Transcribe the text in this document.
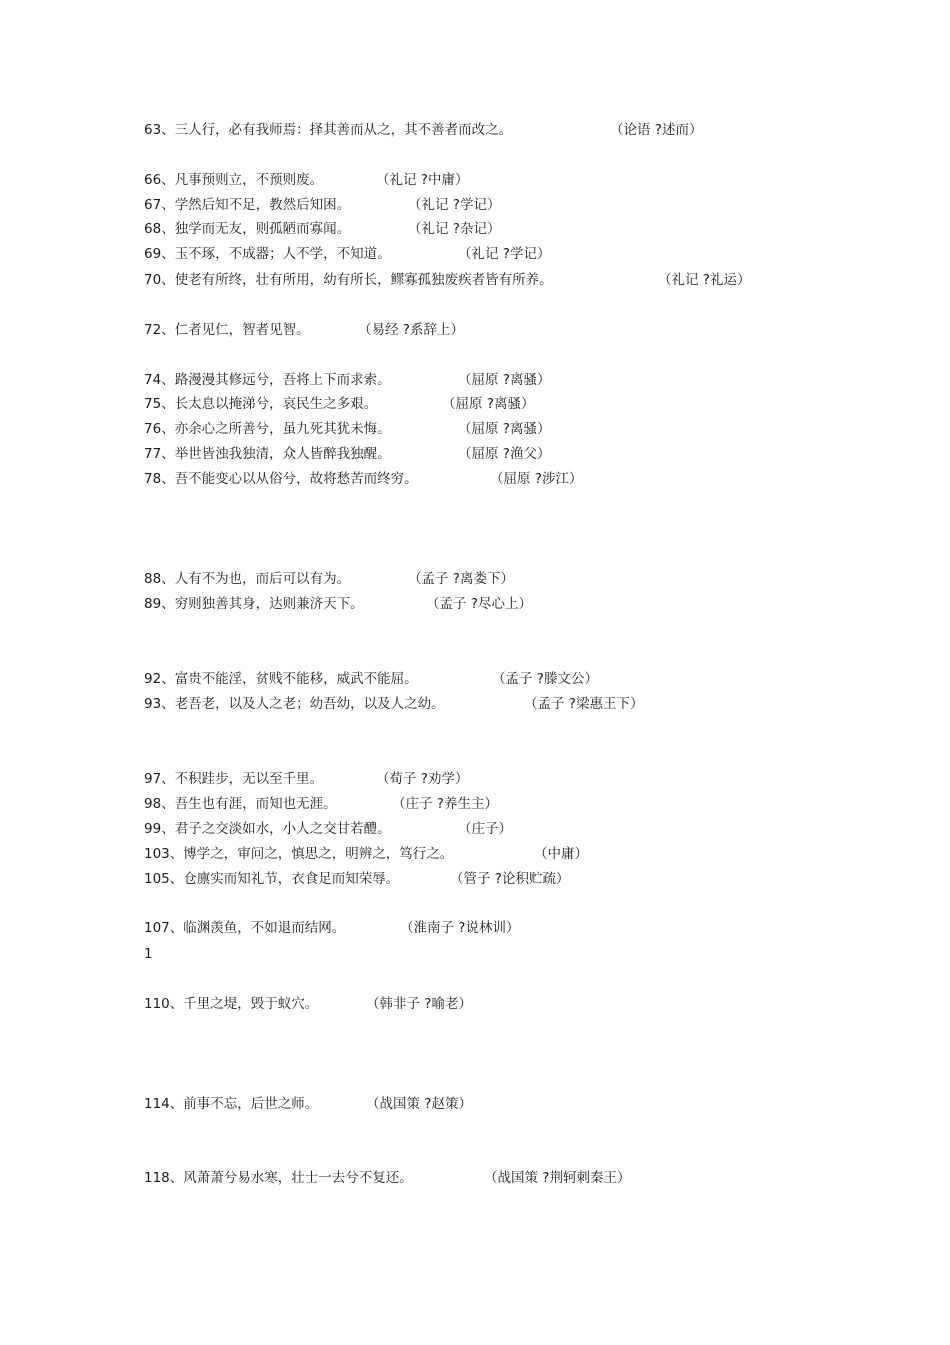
63、三人行，必有我师焉：择其善而从之，其不善者而改之。	（论语 ?述而）
66、凡事预则立，不预则废。	（礼记 ?中庸）
67、学然后知不足，教然后知困。	（礼记 ?学记）
68、独学而无友，则孤陋而寡闻。	（礼记 ?杂记）
69、玉不琢，不成器；人不学，不知道。	（礼记 ?学记）
70、使老有所终，壮有所用，幼有所长，鳏寡孤独废疾者皆有所养。	（礼记 ?礼运）
72、仁者见仁，智者见智。	（易经 ?系辞上）
74、路漫漫其修远兮，吾将上下而求索。	（屈原 ?离骚）
75、长太息以掩涕兮，哀民生之多艰。	（屈原 ?离骚）
76、亦余心之所善兮，虽九死其犹未悔。	（屈原 ?离骚）
77、举世皆浊我独清，众人皆醉我独醒。	（屈原 ?渔父）
78、吾不能变心以从俗兮，故将愁苦而终穷。	（屈原 ?涉江）
88、人有不为也，而后可以有为。	（孟子 ?离娄下）
89、穷则独善其身，达则兼济天下。	（孟子 ?尽心上）
92、富贵不能淫，贫贱不能移，威武不能屈。	（孟子 ?滕文公）
93、老吾老，以及人之老；幼吾幼，以及人之幼。	（孟子 ?梁惠王下）
97、不积跬步，无以至千里。	（荀子 ?劝学）
98、吾生也有涯，而知也无涯。	（庄子 ?养生主）
99、君子之交淡如水，小人之交甘若醴。	（庄子）
103、博学之，审问之，慎思之，明辨之，笃行之。	（中庸）
105、仓廪实而知礼节，衣食足而知荣辱。	（管子 ?论积贮疏）
107、临渊羡鱼，不如退而结网。	（淮南子 ?说林训）
1
110、千里之堤，毁于蚁穴。	（韩非子 ?喻老）
114、前事不忘，后世之师。	（战国策 ?赵策）
118、风萧萧兮易水寒，壮士一去兮不复还。	（战国策 ?荆轲刺秦王）
